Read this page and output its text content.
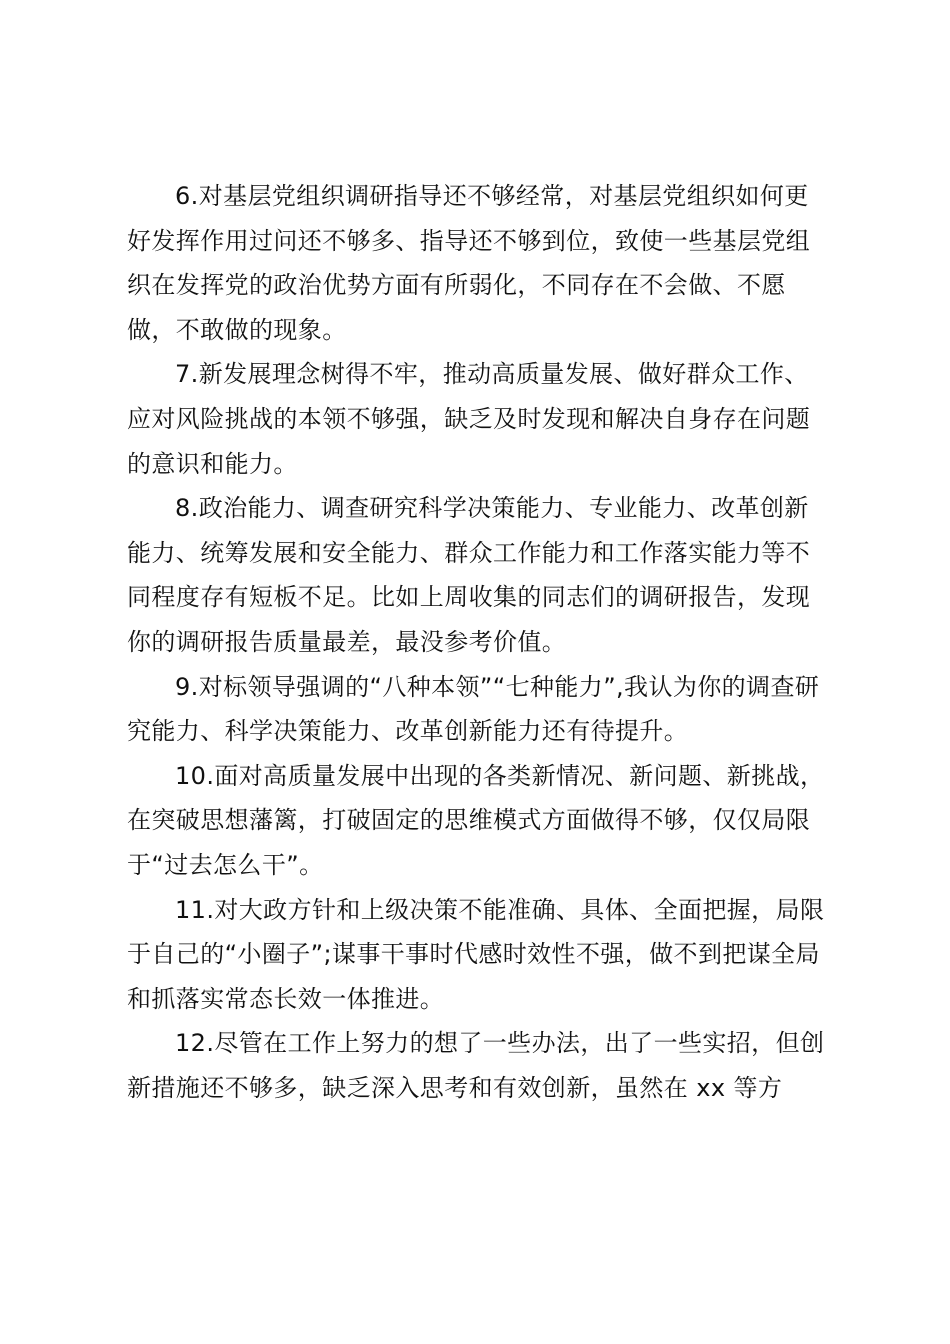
6.对基层党组织调研指导还不够经常，对基层党组织如何更好发挥作用过问还不够多、指导还不够到位，致使一些基层党组织在发挥党的政治优势方面有所弱化，不同存在不会做、不愿做，不敢做的现象。

7.新发展理念树得不牢，推动高质量发展、做好群众工作、应对风险挑战的本领不够强，缺乏及时发现和解决自身存在问题的意识和能力。

8.政治能力、调查研究科学决策能力、专业能力、改革创新能力、统筹发展和安全能力、群众工作能力和工作落实能力等不同程度存有短板不足。比如上周收集的同志们的调研报告，发现你的调研报告质量最差，最没参考价值。

9.对标领导强调的“八种本领”“七种能力”,我认为你的调查研究能力、科学决策能力、改革创新能力还有待提升。

10.面对高质量发展中出现的各类新情况、新问题、新挑战，在突破思想藩篱，打破固定的思维模式方面做得不够，仅仅局限于“过去怎么干”。

11.对大政方针和上级决策不能准确、具体、全面把握，局限于自己的“小圈子”;谋事干事时代感时效性不强，做不到把谋全局和抓落实常态长效一体推进。

12.尽管在工作上努力的想了一些办法，出了一些实招，但创新措施还不够多，缺乏深入思考和有效创新，虽然在 xx 等方
